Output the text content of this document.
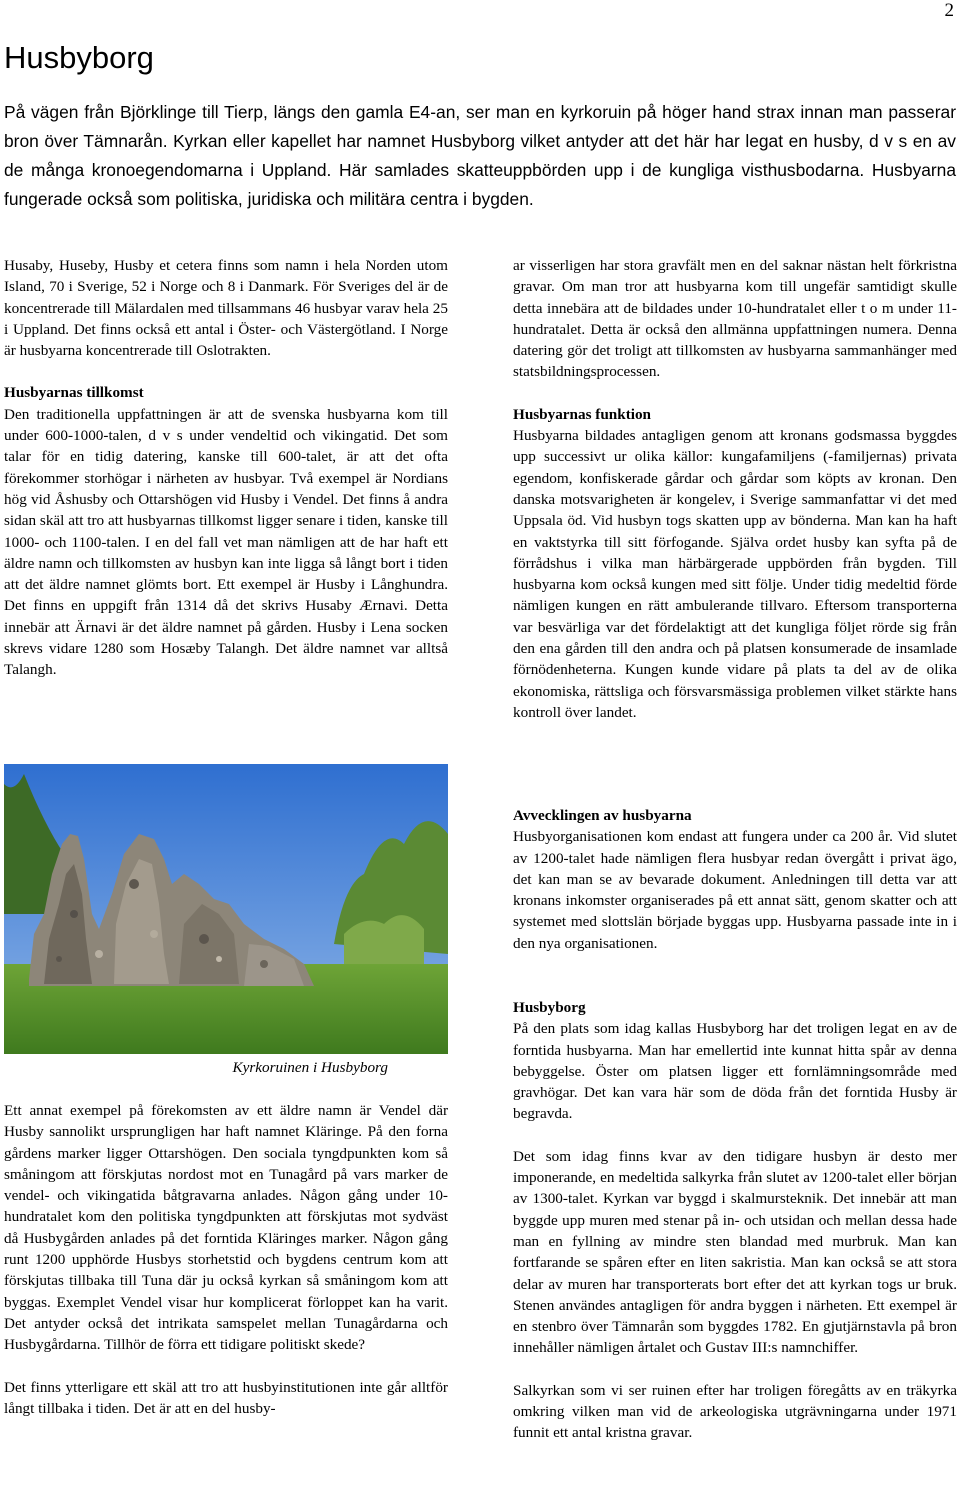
2
Husbyborg

På vägen från Björklinge till Tierp, längs den gamla E4-an, ser man en kyrkoruin på höger hand strax innan man passerar bron över Tämnarån. Kyrkan eller kapellet har namnet Husbyborg vilket antyder att det här har legat en husby, d v s en av de många kronoegendomarna i Uppland. Här samlades skatteuppbörden upp i de kungliga visthusbodarna. Husbyarna fungerade också som politiska, juridiska och militära centra i bygden.

Husaby, Huseby, Husby et cetera finns som namn i hela Norden utom Island, 70 i Sverige, 52 i Norge och 8 i Danmark. För Sveriges del är de koncentrerade till Mälardalen med tillsammans 46 husbyar varav hela 25 i Uppland. Det finns också ett antal i Öster- och Västergötland. I Norge är husbyarna koncentrerade till Oslotrakten.

Husbyarnas tillkomst

Den traditionella uppfattningen är att de svenska husbyarna kom till under 600-1000-talen, d v s under vendeltid och vikingatid. Det som talar för en tidig datering, kanske till 600-talet, är att det ofta förekommer storhögar i närheten av husbyar. Två exempel är Nordians hög vid Åshusby och Ottarshögen vid Husby i Vendel. Det finns å andra sidan skäl att tro att husbyarnas tillkomst ligger senare i tiden, kanske till 1000- och 1100-talen. I en del fall vet man nämligen att de har haft ett äldre namn och tillkomsten av husbyn kan inte ligga så långt bort i tiden att det äldre namnet glömts bort. Ett exempel är Husby i Långhundra. Det finns en uppgift från 1314 då det skrivs Husaby Ærnavi. Detta innebär att Ärnavi är det äldre namnet på gården. Husby i Lena socken skrevs vidare 1280 som Hosæby Talangh. Det äldre namnet var alltså Talangh.

Kyrkoruinen i Husbyborg

Ett annat exempel på förekomsten av ett äldre namn är Vendel där Husby sannolikt ursprungligen har haft namnet Kläringe. På den forna gårdens marker ligger Ottarshögen. Den sociala tyngdpunkten kom så småningom att förskjutas nordost mot en Tunagård på vars marker de vendel- och vikingatida båtgravarna anlades. Någon gång under 10-hundratalet kom den politiska tyngdpunkten att förskjutas mot sydväst då Husbygården anlades på det forntida Kläringes marker. Någon gång runt 1200 upphörde Husbys storhetstid och bygdens centrum kom att förskjutas tillbaka till Tuna där ju också kyrkan så småningom kom att byggas. Exemplet Vendel visar hur komplicerat förloppet kan ha varit. Det antyder också det intrikata samspelet mellan Tunagårdarna och Husbygårdarna. Tillhör de förra ett tidigare politiskt skede?

Det finns ytterligare ett skäl att tro att husbyinstitutionen inte går alltför långt tillbaka i tiden. Det är att en del husby-

ar visserligen har stora gravfält men en del saknar nästan helt förkristna gravar. Om man tror att husbyarna kom till ungefär samtidigt skulle detta innebära att de bildades under 10-hundratalet eller t o m under 11-hundratalet. Detta är också den allmänna uppfattningen numera. Denna datering gör det troligt att tillkomsten av husbyarna sammanhänger med statsbildningsprocessen.

Husbyarnas funktion

Husbyarna bildades antagligen genom att kronans godsmassa byggdes upp successivt ur olika källor: kungafamiljens (-familjernas) privata egendom, konfiskerade gårdar och gårdar som köpts av kronan. Den danska motsvarigheten är kongelev, i Sverige sammanfattar vi det med Uppsala öd. Vid husbyn togs skatten upp av bönderna. Man kan ha haft en vaktstyrka till sitt förfogande. Själva ordet husby kan syfta på de förrådshus i vilka man härbärgerade uppbörden från bygden. Till husbyarna kom också kungen med sitt följe. Under tidig medeltid förde nämligen kungen en rätt ambulerande tillvaro. Eftersom transporterna var besvärliga var det fördelaktigt att det kungliga följet rörde sig från den ena gården till den andra och på platsen konsumerade de insamlade förnödenheterna. Kungen kunde vidare på plats ta del av de olika ekonomiska, rättsliga och försvarsmässiga problemen vilket stärkte hans kontroll över landet.

Avvecklingen av husbyarna

Husbyorganisationen kom endast att fungera under ca 200 år. Vid slutet av 1200-talet hade nämligen flera husbyar redan övergått i privat ägo, det kan man se av bevarade dokument. Anledningen till detta var att kronans inkomster organiserades på ett annat sätt, genom skatter och att systemet med slottslän började byggas upp. Husbyarna passade inte in i den nya organisationen.

Husbyborg

På den plats som idag kallas Husbyborg har det troligen legat en av de forntida husbyarna. Man har emellertid inte kunnat hitta spår av denna bebyggelse. Öster om platsen ligger ett fornlämningsområde med gravhögar. Det kan vara här som de döda från det forntida Husby är begravda.

Det som idag finns kvar av den tidigare husbyn är desto mer imponerande, en medeltida salkyrka från slutet av 1200-talet eller början av 1300-talet. Kyrkan var byggd i skalmursteknik. Det innebär att man byggde upp muren med stenar på in- och utsidan och mellan dessa hade man en fyllning av mindre sten blandad med murbruk. Man kan fortfarande se spåren efter en liten sakristia. Man kan också se att stora delar av muren har transporterats bort efter det att kyrkan togs ur bruk. Stenen användes antagligen för andra byggen i närheten. Ett exempel är en stenbro över Tämnarån som byggdes 1782. En gjutjärnstavla på bron innehåller nämligen årtalet och Gustav III:s namnchiffer.

Salkyrkan som vi ser ruinen efter har troligen föregåtts av en träkyrka omkring vilken man vid de arkeologiska utgrävningarna under 1971 funnit ett antal kristna gravar.
